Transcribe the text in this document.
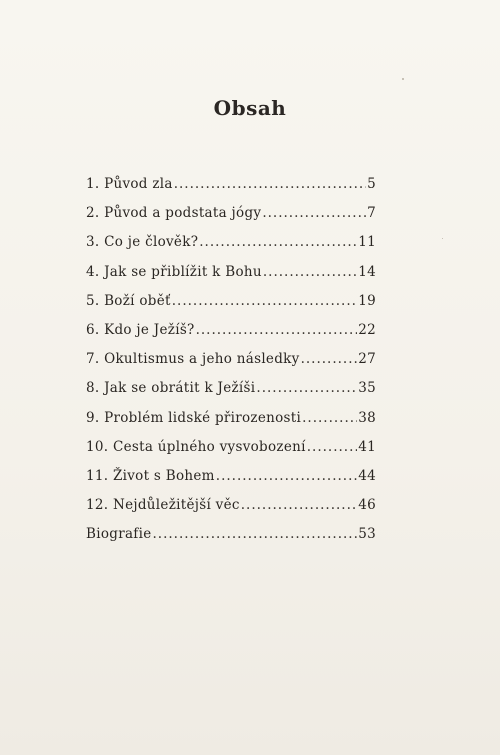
Obsah
1. Původ zla .....	5
2. Původ a podstata jógy .....	7
3. Co je člověk? .....	11
4. Jak se přiblížit k Bohu .....	14
5. Boží oběť .....	19
6. Kdo je Ježíš? .....	22
7. Okultismus a jeho následky .....	27
8. Jak se obrátit k Ježíši .....	35
9. Problém lidské přirozenosti .....	38
10. Cesta úplného vysvobození .....	41
11. Život s Bohem .....	44
12. Nejdůležitější věc .....	46
Biografie .....	53
